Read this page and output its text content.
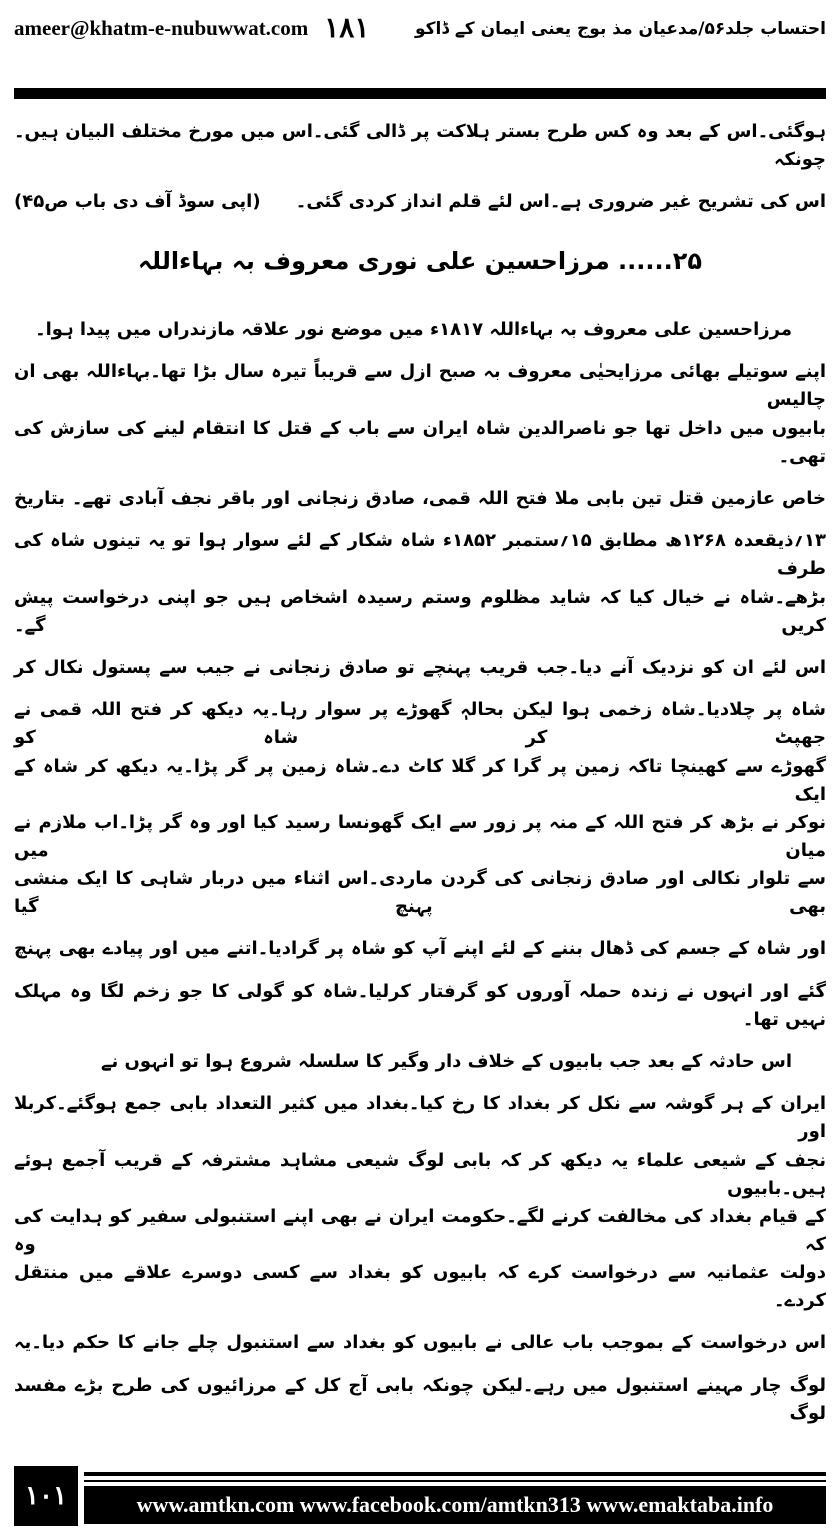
ameer@khatm-e-nubuwwat.com ۱۸۱	احتساب جلد۵۶/مدعیان مذ بوج یعنی ایمان کے ڈاکو
ہوگئی۔اس کے بعد وہ کس طرح بستر ہلاکت پر ڈالی گئی۔اس میں مورخ مختلف البیان ہیں۔چونکہ
اس کی تشریح غیر ضروری ہے۔اس لئے قلم انداز کردی گئی۔
(اپی سوڈ آف دی باب ص۴۵)
۲۵...... مرزاحسین علی نوری معروف بہ بہاءاللہ
مرزاحسین علی معروف بہ بہاءاللہ ۱۸۱۷ء میں موضع نور علاقہ مازندراں میں پیدا ہوا۔
اپنے سوتیلے بھائی مرزایحیٰی معروف بہ صبح ازل سے قریباً تیرہ سال بڑا تھا۔بہاءاللہ بھی ان چالیس
بابیوں میں داخل تھا جو ناصرالدین شاہ ایران سے باب کے قتل کا انتقام لینے کی سازش کی تھی۔
خاص عازمین قتل تین بابی ملا فتح اللہ قمی، صادق زنجانی اور باقر نجف آبادی تھے۔ بتاریخ
۱۳؍ذیقعدہ ۱۲۶۸ھ مطابق ۱۵؍ستمبر ۱۸۵۲ء شاہ شکار کے لئے سوار ہوا تو یہ تینوں شاہ کی طرف
بڑھے۔شاہ نے خیال کیا کہ شاید مظلوم وستم رسیدہ اشخاص ہیں جو اپنی درخواست پیش کریں گے۔
اس لئے ان کو نزدیک آنے دیا۔جب قریب پہنچے تو صادق زنجانی نے جیب سے پستول نکال کر
شاہ پر چلادیا۔شاہ زخمی ہوا لیکن بحالہٖ گھوڑے پر سوار رہا۔یہ دیکھ کر فتح اللہ قمی نے جھپٹ کر شاہ کو
گھوڑے سے کھینچا تاکہ زمین پر گرا کر گلا کاٹ دے۔شاہ زمین پر گر پڑا۔یہ دیکھ کر شاہ کے ایک
نوکر نے بڑھ کر فتح اللہ کے منہ پر زور سے ایک گھونسا رسید کیا اور وہ گر پڑا۔اب ملازم نے میان میں
سے تلوار نکالی اور صادق زنجانی کی گردن ماردی۔اس اثناء میں دربار شاہی کا ایک منشی بھی پہنچ گیا
اور شاہ کے جسم کی ڈھال بننے کے لئے اپنے آپ کو شاہ پر گرادیا۔اتنے میں اور پیادے بھی پہنچ
گئے اور انہوں نے زندہ حملہ آوروں کو گرفتار کرلیا۔شاہ کو گولی کا جو زخم لگا وہ مہلک نہیں تھا۔
اس حادثہ کے بعد جب بابیوں کے خلاف دار وگیر کا سلسلہ شروع ہوا تو انہوں نے
ایران کے ہر گوشہ سے نکل کر بغداد کا رخ کیا۔بغداد میں کثیر التعداد بابی جمع ہوگئے۔کربلا اور
نجف کے شیعی علماء یہ دیکھ کر کہ بابی لوگ شیعی مشاہد مشترفہ کے قریب آجمع ہوئے ہیں۔بابیوں
کے قیام بغداد کی مخالفت کرنے لگے۔حکومت ایران نے بھی اپنے استنبولی سفیر کو ہدایت کی کہ وہ
دولت عثمانیہ سے درخواست کرے کہ بابیوں کو بغداد سے کسی دوسرے علاقے میں منتقل کردے۔
اس درخواست کے بموجب باب عالی نے بابیوں کو بغداد سے استنبول چلے جانے کا حکم دیا۔یہ
لوگ چار مہینے استنبول میں رہے۔لیکن چونکہ بابی آج کل کے مرزائیوں کی طرح بڑے مفسد لوگ
۱۰۱	www.amtkn.com www.facebook.com/amtkn313 www.emaktaba.info
